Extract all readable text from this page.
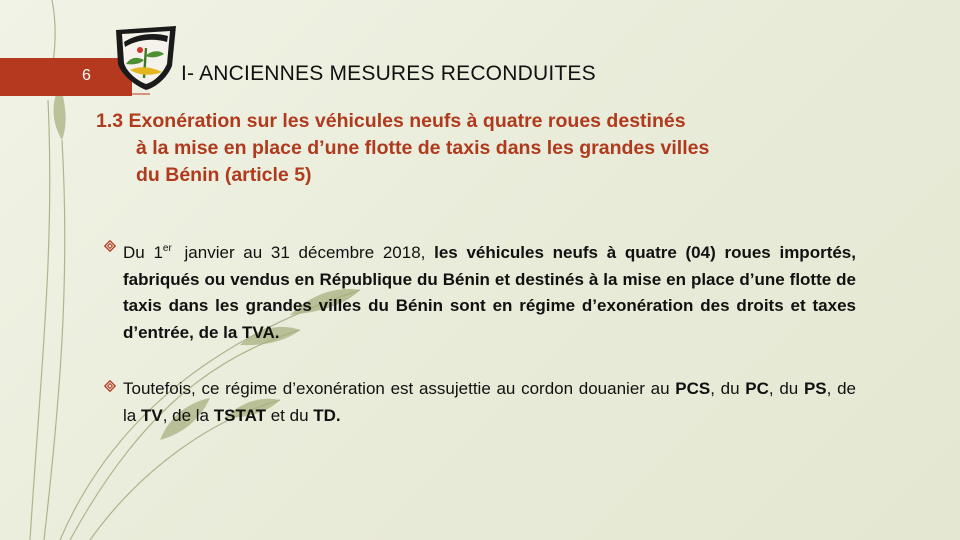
6	I- ANCIENNES MESURES RECONDUITES
1.3 Exonération sur les véhicules neufs à quatre roues destinés
à la mise en place d’une flotte de taxis dans les grandes villes
du Bénin (article 5)
Du 1er janvier au 31 décembre 2018, les véhicules neufs à quatre (04) roues importés, fabriqués ou vendus en République du Bénin et destinés à la mise en place d’une flotte de taxis dans les grandes villes du Bénin sont en régime d’exonération des droits et taxes d’entrée, de la TVA.
Toutefois, ce régime d’exonération est assujettie au cordon douanier au PCS, du PC, du PS, de la TV, de la TSTAT et du TD.
